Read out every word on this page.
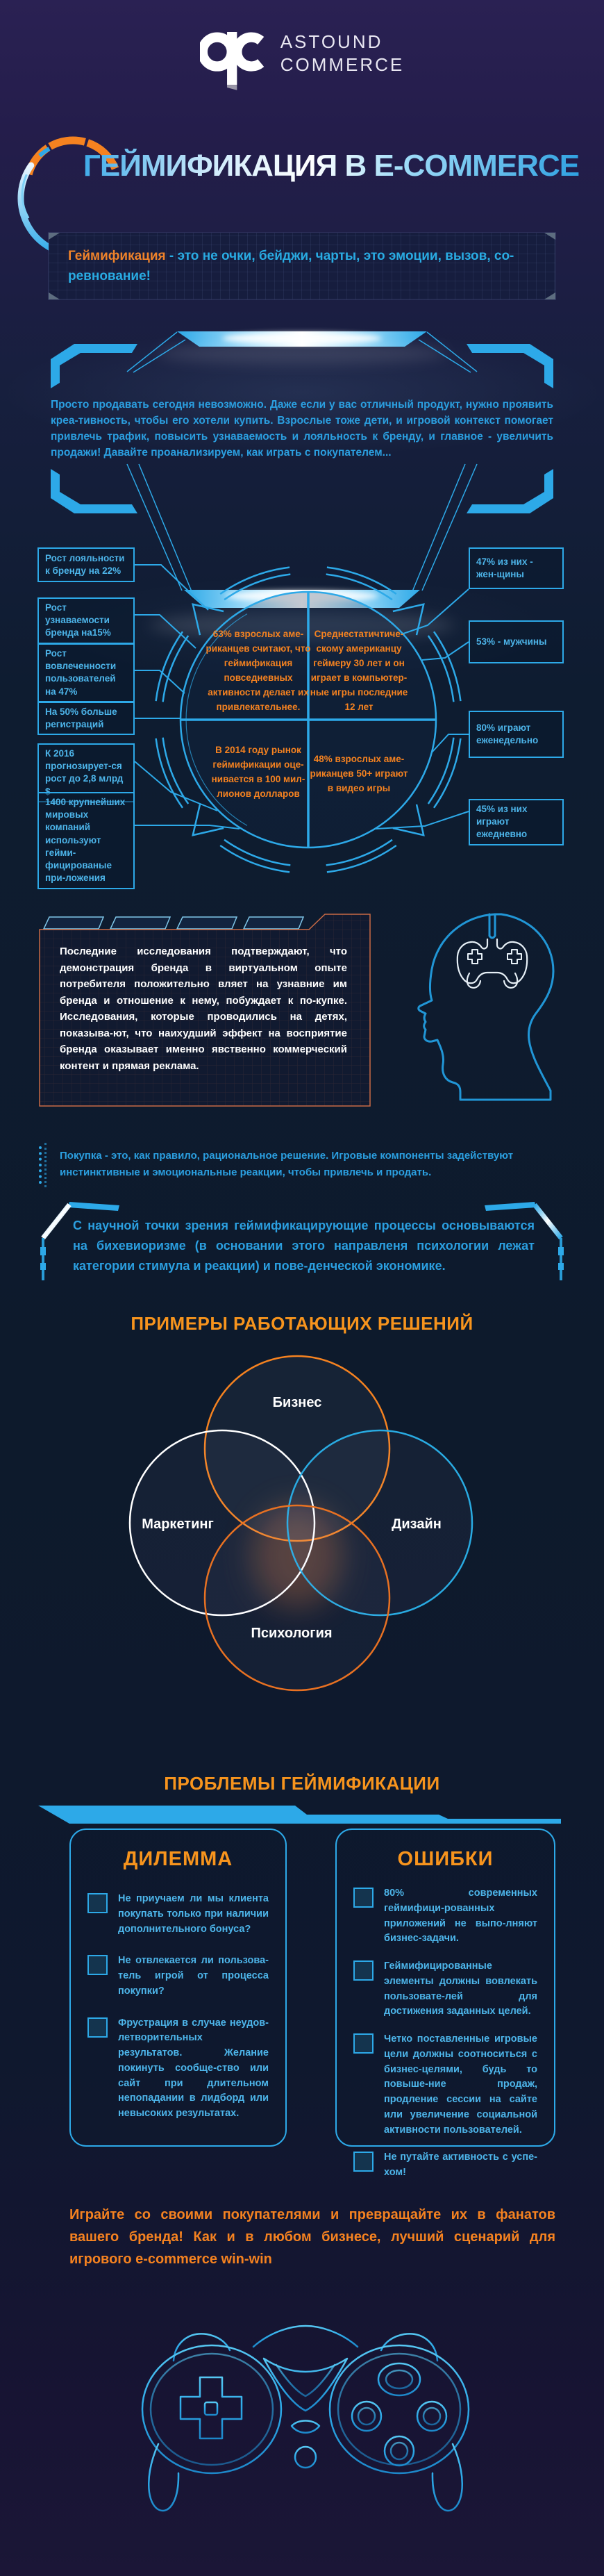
ASTOUND
COMMERCE
ГЕЙМИФИКАЦИЯ В E-COMMERCE
Геймификация - это не очки, бейджи, чарты, это эмоции, вызов, со-ревнование!
Просто продавать сегодня невозможно. Даже если у вас отличный продукт, нужно проявить креа-тивность, чтобы его хотели купить. Взрослые тоже дети, и игровой контекст помогает привлечь трафик, повысить узнаваемость и лояльность к бренду, и главное - увеличить продажи! Давайте проанализируем, как играть с покупателем...
63% взрослых аме-риканцев считают, что геймификация повседневных активности делает их привлекательнее.
Среднестатичтиче-скому американцу геймеру 30 лет и он играет в компьютер-ные игры последние 12 лет
В 2014 году рынок геймификации оце-нивается в 100 мил-лионов долларов
48% взрослых аме-риканцев 50+ играют в видео игры
Рост лояльности к бренду на 22%
Рост узнаваемости бренда на15%
Рост вовлеченности пользователей на 47%
На 50% больше регистраций
К 2016 прогнозирует-ся рост до 2,8 млрд
1400 крупнейших мировых компаний используют гейми-фицированые при-ложения
47% из них - жен-щины
53% - мужчины
80% играют еженедельно
45% из них играют ежедневно
Последние исследования подтверждают, что демонстрация бренда в виртуальном опыте потребителя положительно вляет на узнавние им бренда и отношение к нему, побуждает к по-купке. Исследования, которые проводились на детях, показыва-ют, что наихудший эффект на восприятие бренда оказывает именно явственно коммерческий контент и прямая реклама.
Покупка - это, как правило, рациональное решение. Игровые компоненты задействуют инстинктивные и эмоциональные реакции, чтобы привлечь и продать.
С научной точки зрения геймификацирующие процессы основываются на бихевиоризме (в основании этого направленя психологии лежат категории стимула и реакции) и пове-денческой экономике.
ПРИМЕРЫ РАБОТАЮЩИХ РЕШЕНИЙ
Бизнес
Маркетинг	Дизайн
Психология
ПРОБЛЕМЫ ГЕЙМИФИКАЦИИ
ДИЛЕММА
Не приучаем ли мы клиента покупать только при наличии дополнительного бонуса?
Не отвлекается ли пользова-тель игрой от процесса покупки?
Фрустрация в случае неудов-летворительных результатов. Желание покинуть сообще-ство или сайт при длительном непопадании в лидборд или невысоких результатах.
ОШИБКИ
80% современных геймифици-рованных приложений не выпо-лняют бизнес-задачи.
Геймифицированные элементы должны вовлекать пользовате-лей для достижения заданных целей.
Четко поставленные игровые цели должны соотноситься с бизнес-целями, будь то повыше-ние продаж, продление сессии на сайте или увеличение социальной активности пользователей.
Не путайте активность с успе-хом!
Играйте со своими покупателями и превращайте их в фанатов вашего бренда! Как и в любом бизнесе, лучший сценарий для игрового e-commerce win-win
